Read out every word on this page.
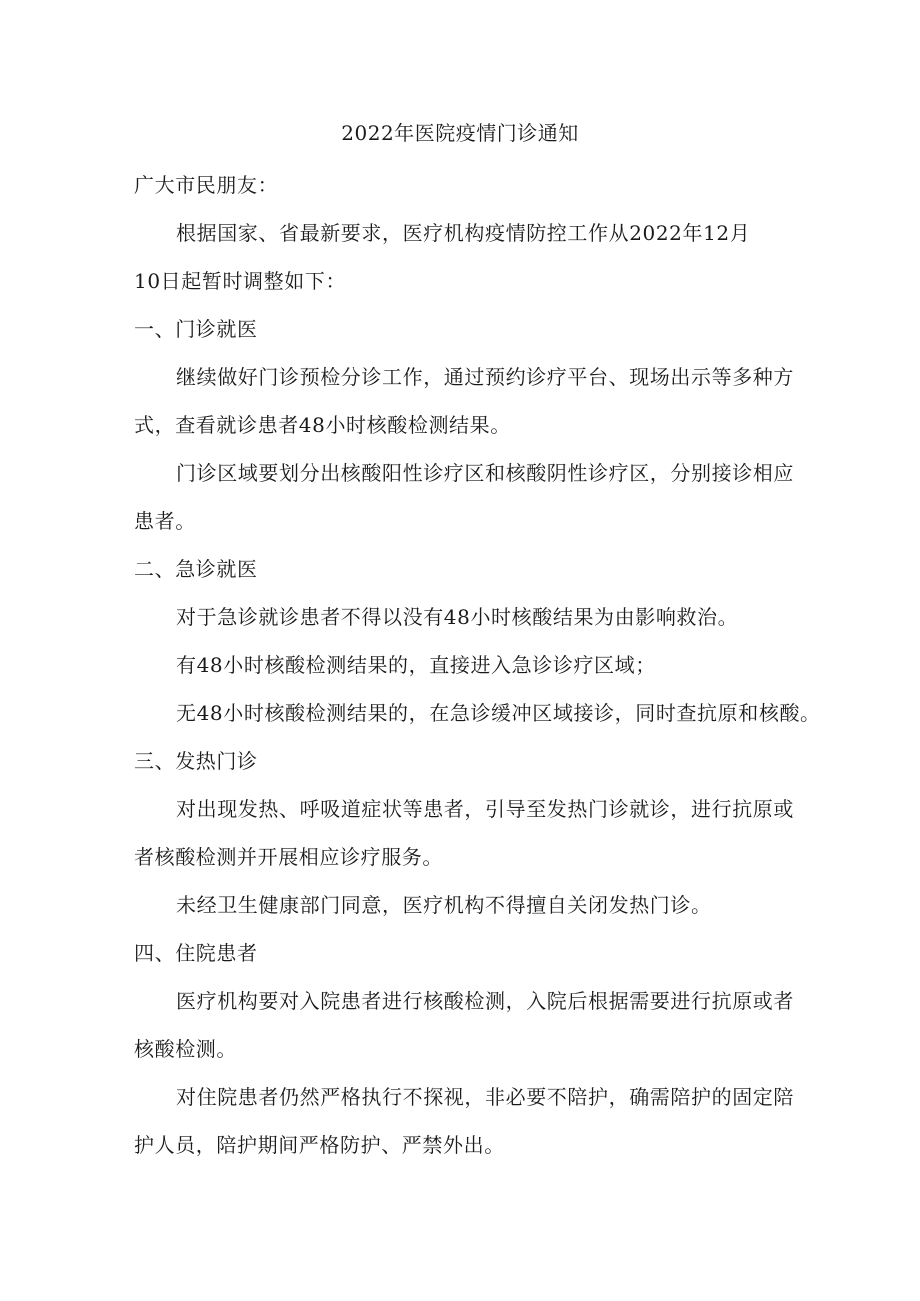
2022年医院疫情门诊通知
广大市民朋友：
根据国家、省最新要求，医疗机构疫情防控工作从2022年12月
10日起暂时调整如下：
一、门诊就医
继续做好门诊预检分诊工作，通过预约诊疗平台、现场出示等多种方
式，查看就诊患者48小时核酸检测结果。
门诊区域要划分出核酸阳性诊疗区和核酸阴性诊疗区，分别接诊相应
患者。
二、急诊就医
对于急诊就诊患者不得以没有48小时核酸结果为由影响救治。
有48小时核酸检测结果的，直接进入急诊诊疗区域；
无48小时核酸检测结果的，在急诊缓冲区域接诊，同时查抗原和核酸。
三、发热门诊
对出现发热、呼吸道症状等患者，引导至发热门诊就诊，进行抗原或
者核酸检测并开展相应诊疗服务。
未经卫生健康部门同意，医疗机构不得擅自关闭发热门诊。
四、住院患者
医疗机构要对入院患者进行核酸检测，入院后根据需要进行抗原或者
核酸检测。
对住院患者仍然严格执行不探视，非必要不陪护，确需陪护的固定陪
护人员，陪护期间严格防护、严禁外出。
